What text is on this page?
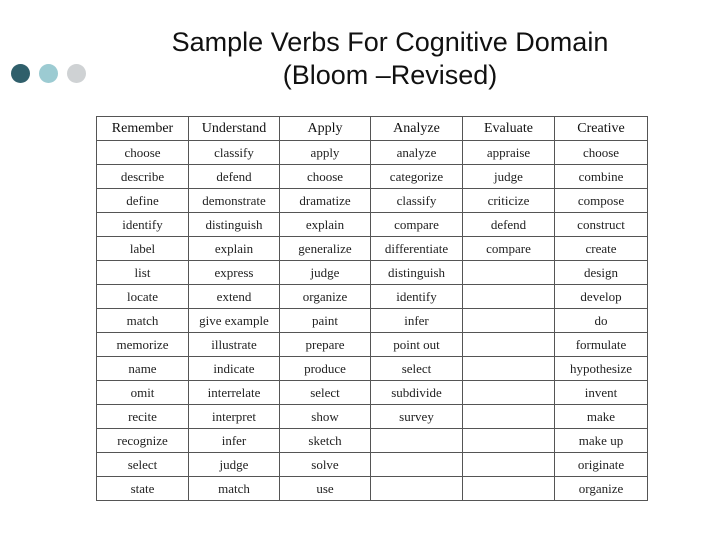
Sample Verbs For Cognitive Domain
(Bloom –Revised)
Remember	Understand	Apply	Analyze	Evaluate	Creative
choose	classify	apply	analyze	appraise	choose
describe	defend	choose	categorize	judge	combine
define	demonstrate	dramatize	classify	criticize	compose
identify	distinguish	explain	compare	defend	construct
label	explain	generalize	differentiate	compare	create
list	express	judge	distinguish		design
locate	extend	organize	identify		develop
match	give example	paint	infer		do
memorize	illustrate	prepare	point out		formulate
name	indicate	produce	select		hypothesize
omit	interrelate	select	subdivide		invent
recite	interpret	show	survey		make
recognize	infer	sketch			make up
select	judge	solve			originate
state	match	use			organize
